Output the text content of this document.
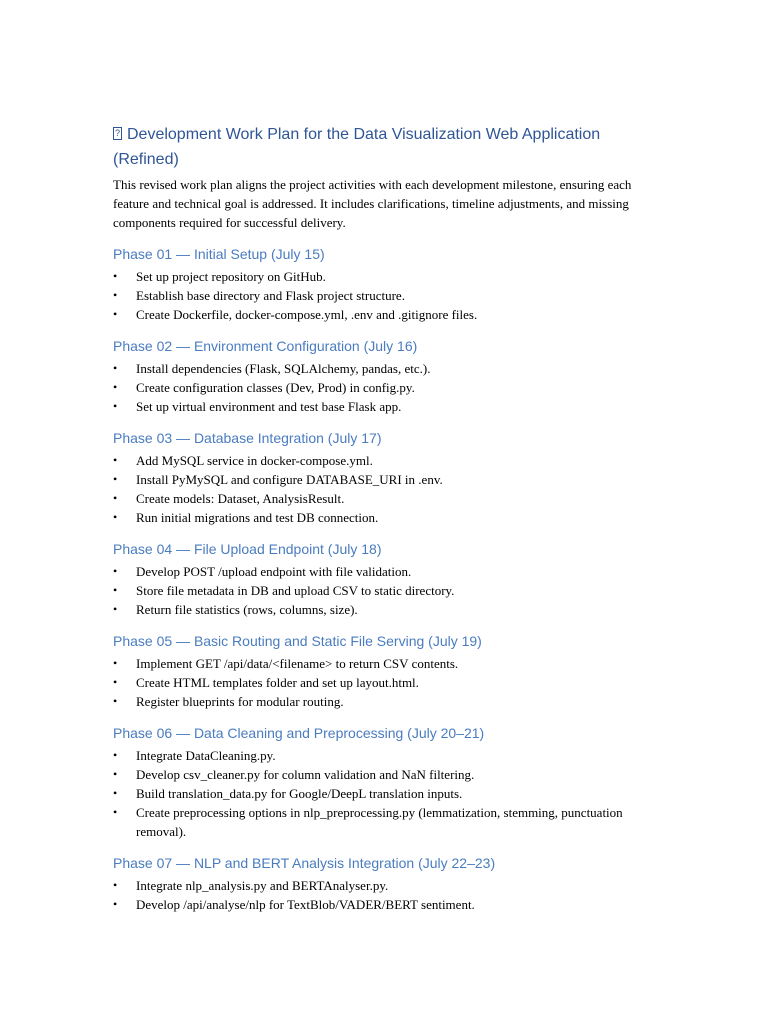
?Development Work Plan for the Data Visualization Web Application (Refined)

This revised work plan aligns the project activities with each development milestone, ensuring each feature and technical goal is addressed. It includes clarifications, timeline adjustments, and missing components required for successful delivery.

Phase 01 — Initial Setup (July 15)
•	Set up project repository on GitHub.
•	Establish base directory and Flask project structure.
•	Create Dockerfile, docker-compose.yml, .env and .gitignore files.
Phase 02 — Environment Configuration (July 16)
•	Install dependencies (Flask, SQLAlchemy, pandas, etc.).
•	Create configuration classes (Dev, Prod) in config.py.
•	Set up virtual environment and test base Flask app.
Phase 03 — Database Integration (July 17)
•	Add MySQL service in docker-compose.yml.
•	Install PyMySQL and configure DATABASE_URI in .env.
•	Create models: Dataset, AnalysisResult.
•	Run initial migrations and test DB connection.
Phase 04 — File Upload Endpoint (July 18)
•	Develop POST /upload endpoint with file validation.
•	Store file metadata in DB and upload CSV to static directory.
•	Return file statistics (rows, columns, size).
Phase 05 — Basic Routing and Static File Serving (July 19)
•	Implement GET /api/data/<filename> to return CSV contents.
•	Create HTML templates folder and set up layout.html.
•	Register blueprints for modular routing.
Phase 06 — Data Cleaning and Preprocessing (July 20–21)
•	Integrate DataCleaning.py.
•	Develop csv_cleaner.py for column validation and NaN filtering.
•	Build translation_data.py for Google/DeepL translation inputs.
•	Create preprocessing options in nlp_preprocessing.py (lemmatization, stemming, punctuation removal).
Phase 07 — NLP and BERT Analysis Integration (July 22–23)
•	Integrate nlp_analysis.py and BERTAnalyser.py.
•	Develop /api/analyse/nlp for TextBlob/VADER/BERT sentiment.
